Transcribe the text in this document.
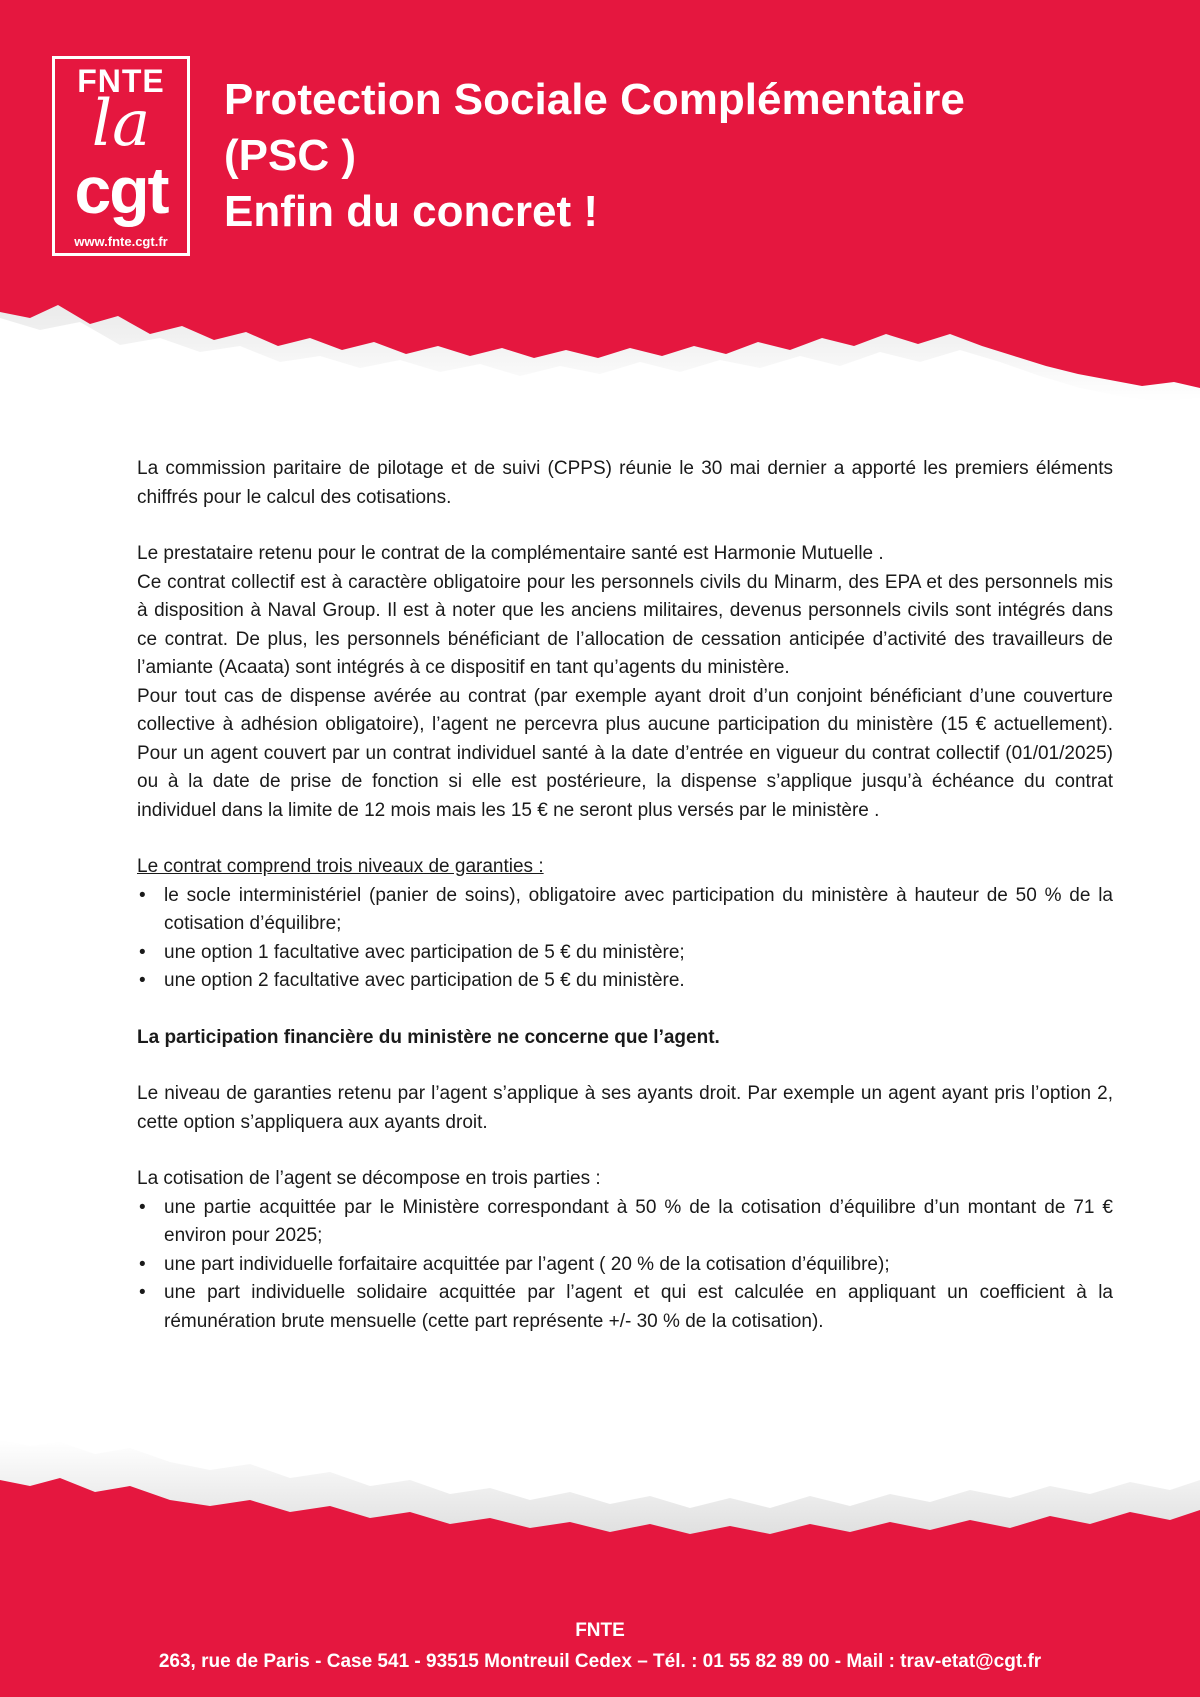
FNTE
la
cgt
www.fnte.cgt.fr
Protection Sociale Complémentaire
(PSC )
Enfin du concret !

La commission paritaire de pilotage et de suivi (CPPS) réunie le 30 mai dernier a apporté les premiers éléments chiffrés pour le calcul des cotisations.

Le prestataire retenu pour le contrat de la complémentaire santé est Harmonie Mutuelle .

Ce contrat collectif est à caractère obligatoire pour les personnels civils du Minarm, des EPA et des personnels mis à disposition à Naval Group. Il est à noter que les anciens militaires, devenus personnels civils sont intégrés dans ce contrat. De plus, les personnels bénéficiant de l’allocation de cessation anticipée d’activité des travailleurs de l’amiante (Acaata) sont intégrés à ce dispositif en tant qu’agents du ministère.

Pour tout cas de dispense avérée au contrat (par exemple ayant droit d’un conjoint bénéficiant d’une couverture collective à adhésion obligatoire), l’agent ne percevra plus aucune participation du ministère (15 € actuellement). Pour un agent couvert par un contrat individuel santé à la date d’entrée en vigueur du contrat collectif (01/01/2025) ou à la date de prise de fonction si elle est postérieure, la dispense s’applique jusqu’à échéance du contrat individuel dans la limite de 12 mois mais les 15 € ne seront plus versés par le ministère .

Le contrat comprend trois niveaux de garanties :

• le socle interministériel (panier de soins), obligatoire avec participation du ministère à hauteur de 50 % de la cotisation d’équilibre;
• une option 1 facultative avec participation de 5 € du ministère;
• une option 2 facultative avec participation de 5 € du ministère.

La participation financière du ministère ne concerne que l’agent.

Le niveau de garanties retenu par l’agent s’applique à ses ayants droit. Par exemple un agent ayant pris l’option 2, cette option s’appliquera aux ayants droit.

La cotisation de l’agent se décompose en trois parties :

• une partie acquittée par le Ministère correspondant à 50 % de la cotisation d’équilibre d’un montant de 71 € environ pour 2025;
• une part individuelle forfaitaire acquittée par l’agent ( 20 % de la cotisation d’équilibre);
• une part individuelle solidaire acquittée par l’agent et qui est calculée en appliquant un coefficient à la rémunération brute mensuelle (cette part représente +/- 30 % de la cotisation).
FNTE
263, rue de Paris - Case 541 - 93515 Montreuil Cedex – Tél. : 01 55 82 89 00 - Mail : trav-etat@cgt.fr
